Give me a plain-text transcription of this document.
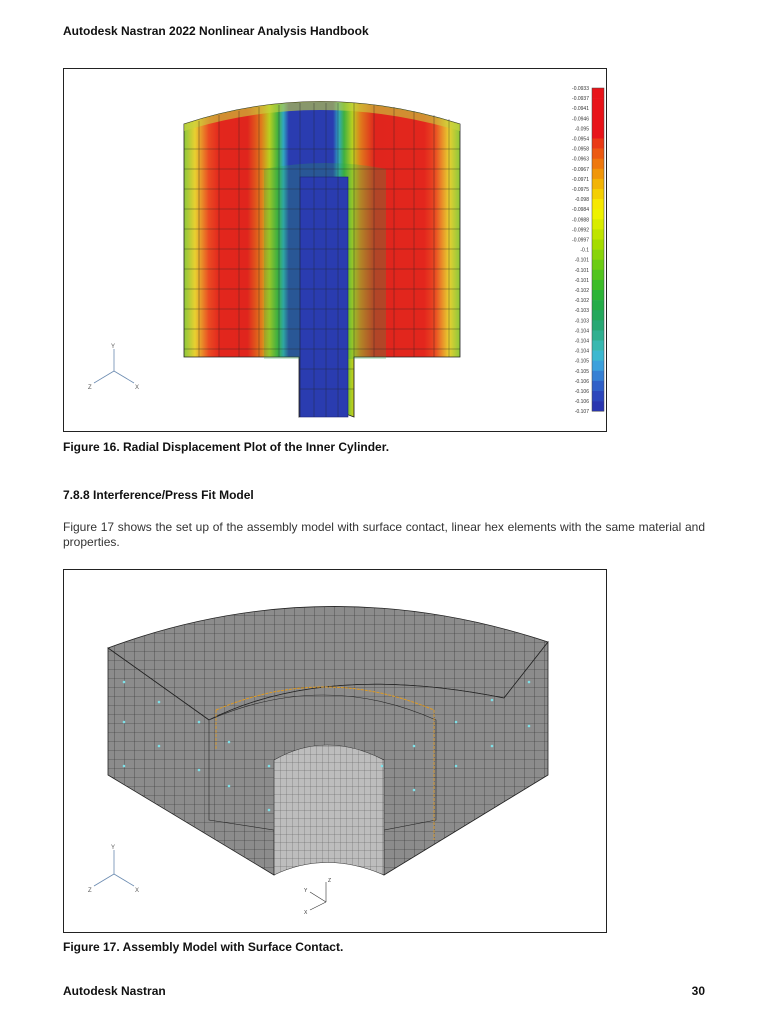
Autodesk Nastran 2022 Nonlinear Analysis Handbook
Y
X
Z
-0.0933
-0.0937
-0.0941
-0.0946
-0.095
-0.0954
-0.0958
-0.0963
-0.0967
-0.0971
-0.0975
-0.098
-0.0984
-0.0988
-0.0992
-0.0997
-0.1
-0.101
-0.101
-0.101
-0.102
-0.102
-0.103
-0.103
-0.104
-0.104
-0.104
-0.105
-0.105
-0.106
-0.106
-0.106
-0.107
Figure 16. Radial Displacement Plot of the Inner Cylinder.
7.8.8 Interference/Press Fit Model
Figure 17 shows the set up of the assembly model with surface contact, linear hex elements with the same material and properties.
Y
X
Z
Z
Y
X
Figure 17. Assembly Model with Surface Contact.
Autodesk Nastran	30
